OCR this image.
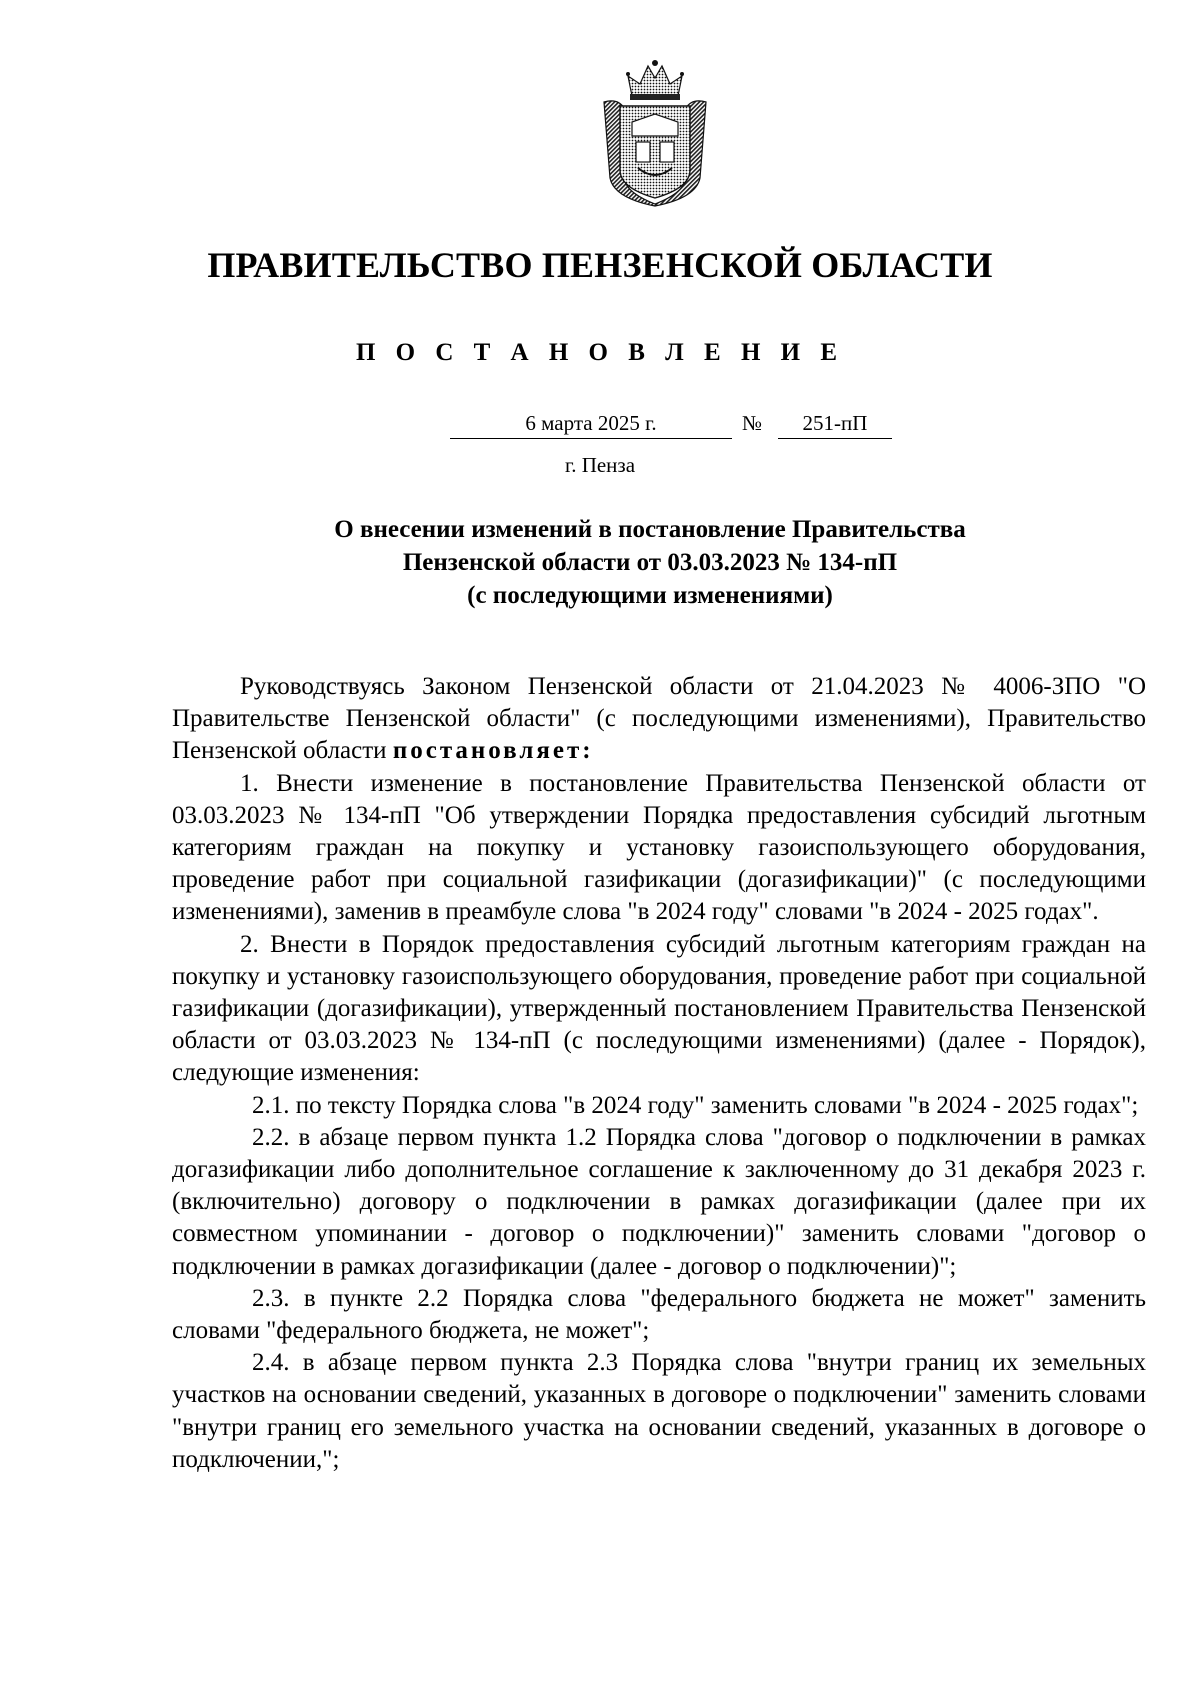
ПРАВИТЕЛЬСТВО ПЕНЗЕНСКОЙ ОБЛАСТИ
П О С Т А Н О В Л Е Н И Е
6 марта 2025 г.	№	251-пП
г. Пенза
О внесении изменений в постановление Правительства
Пензенской области от 03.03.2023 № 134-пП
(с последующими изменениями)

Руководствуясь Законом Пензенской области от 21.04.2023 № 4006-ЗПО "О Правительстве Пензенской области" (с последующими изменениями), Правительство Пензенской области постановляет:

1. Внести изменение в постановление Правительства Пензенской области от 03.03.2023 № 134-пП "Об утверждении Порядка предоставления субсидий льготным категориям граждан на покупку и установку газоиспользующего оборудования, проведение работ при социальной газификации (догазификации)" (с последующими изменениями), заменив в преамбуле слова "в 2024 году" словами "в 2024 - 2025 годах".

2. Внести в Порядок предоставления субсидий льготным категориям граждан на покупку и установку газоиспользующего оборудования, проведение работ при социальной газификации (догазификации), утвержденный постановлением Правительства Пензенской области от 03.03.2023 № 134-пП (с последующими изменениями) (далее - Порядок), следующие изменения:

2.1. по тексту Порядка слова "в 2024 году" заменить словами "в 2024 - 2025 годах";

2.2. в абзаце первом пункта 1.2 Порядка слова "договор о подключении в рамках догазификации либо дополнительное соглашение к заключенному до 31 декабря 2023 г. (включительно) договору о подключении в рамках догазификации (далее при их совместном упоминании - договор о подключении)" заменить словами "договор о подключении в рамках догазификации (далее - договор о подключении)";

2.3. в пункте 2.2 Порядка слова "федерального бюджета не может" заменить словами "федерального бюджета, не может";

2.4. в абзаце первом пункта 2.3 Порядка слова "внутри границ их земельных участков на основании сведений, указанных в договоре о подключении" заменить словами "внутри границ его земельного участка на основании сведений, указанных в договоре о подключении,";
